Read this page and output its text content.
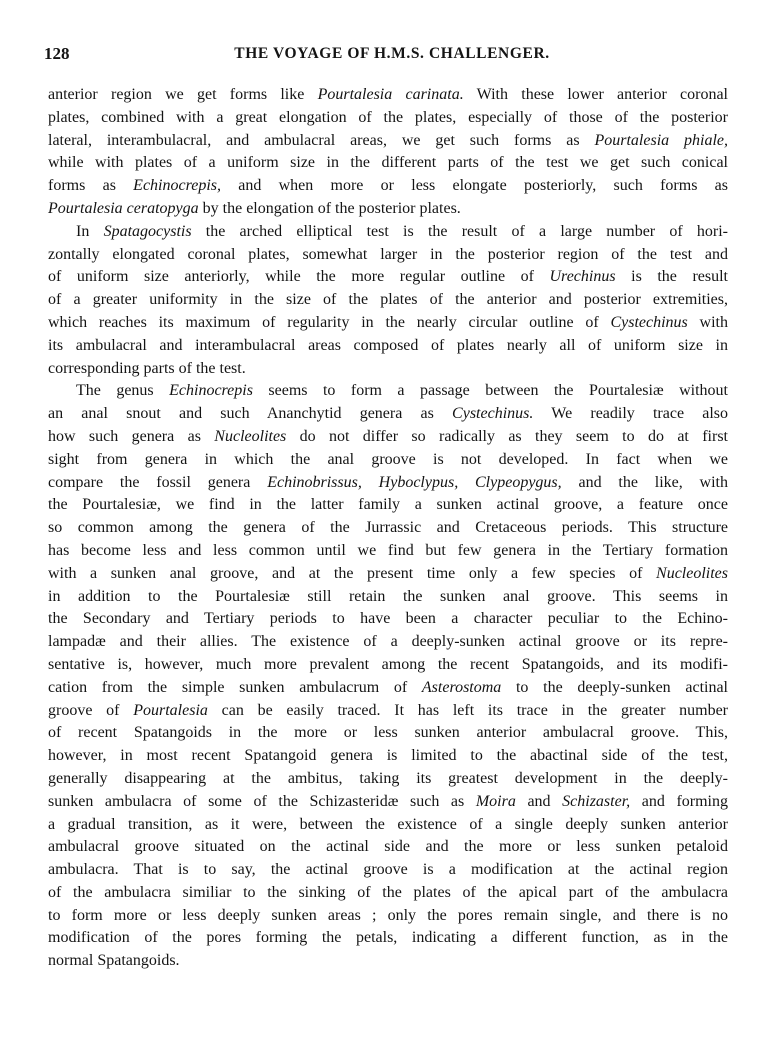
128	THE VOYAGE OF H.M.S. CHALLENGER.
anterior region we get forms like Pourtalesia carinata. With these lower anterior coronal
plates, combined with a great elongation of the plates, especially of those of the posterior
lateral, interambulacral, and ambulacral areas, we get such forms as Pourtalesia phiale,
while with plates of a uniform size in the different parts of the test we get such conical
forms as Echinocrepis, and when more or less elongate posteriorly, such forms as
Pourtalesia ceratopyga by the elongation of the posterior plates.
In Spatagocystis the arched elliptical test is the result of a large number of hori-
zontally elongated coronal plates, somewhat larger in the posterior region of the test and
of uniform size anteriorly, while the more regular outline of Urechinus is the result
of a greater uniformity in the size of the plates of the anterior and posterior extremities,
which reaches its maximum of regularity in the nearly circular outline of Cystechinus with
its ambulacral and interambulacral areas composed of plates nearly all of uniform size in
corresponding parts of the test.
The genus Echinocrepis seems to form a passage between the Pourtalesiæ without
an anal snout and such Ananchytid genera as Cystechinus. We readily trace also
how such genera as Nucleolites do not differ so radically as they seem to do at first
sight from genera in which the anal groove is not developed. In fact when we
compare the fossil genera Echinobrissus, Hyboclypus, Clypeopygus, and the like, with
the Pourtalesiæ, we find in the latter family a sunken actinal groove, a feature once
so common among the genera of the Jurrassic and Cretaceous periods. This structure
has become less and less common until we find but few genera in the Tertiary formation
with a sunken anal groove, and at the present time only a few species of Nucleolites
in addition to the Pourtalesiæ still retain the sunken anal groove. This seems in
the Secondary and Tertiary periods to have been a character peculiar to the Echino-
lampadæ and their allies. The existence of a deeply-sunken actinal groove or its repre-
sentative is, however, much more prevalent among the recent Spatangoids, and its modifi-
cation from the simple sunken ambulacrum of Asterostoma to the deeply-sunken actinal
groove of Pourtalesia can be easily traced. It has left its trace in the greater number
of recent Spatangoids in the more or less sunken anterior ambulacral groove. This,
however, in most recent Spatangoid genera is limited to the abactinal side of the test,
generally disappearing at the ambitus, taking its greatest development in the deeply-
sunken ambulacra of some of the Schizasteridæ such as Moira and Schizaster, and forming
a gradual transition, as it were, between the existence of a single deeply sunken anterior
ambulacral groove situated on the actinal side and the more or less sunken petaloid
ambulacra. That is to say, the actinal groove is a modification at the actinal region
of the ambulacra similiar to the sinking of the plates of the apical part of the ambulacra
to form more or less deeply sunken areas ; only the pores remain single, and there is no
modification of the pores forming the petals, indicating a different function, as in the
normal Spatangoids.
